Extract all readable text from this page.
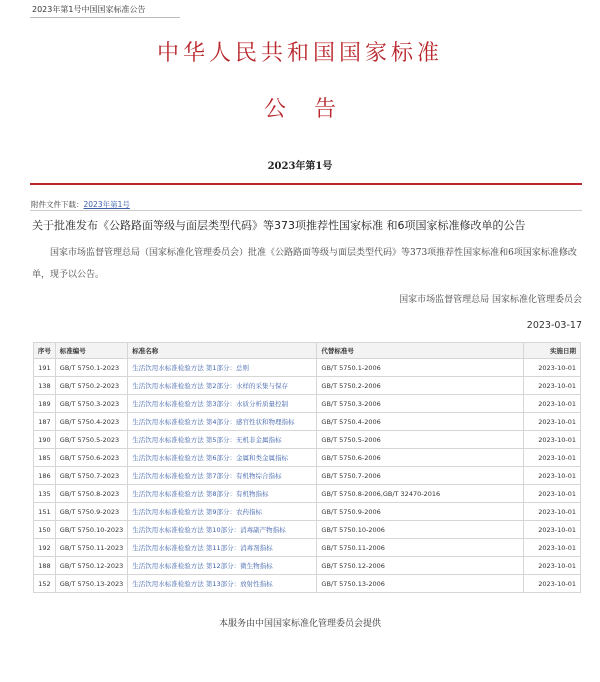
2023年第1号中国国家标准公告
中华人民共和国国家标准
公告
2023年第1号
附件文件下载：2023年第1号
关于批准发布《公路路面等级与面层类型代码》等373项推荐性国家标准 和6项国家标准修改单的公告
国家市场监督管理总局（国家标准化管理委员会）批准《公路路面等级与面层类型代码》等373项推荐性国家标准和6项国家标准修改单，现予以公告。
国家市场监督管理总局 国家标准化管理委员会
2023-03-17
序号	标准编号	标准名称	代替标准号	实施日期
191	GB/T 5750.1-2023	生活饮用水标准检验方法 第1部分：总则	GB/T 5750.1-2006	2023-10-01
138	GB/T 5750.2-2023	生活饮用水标准检验方法 第2部分：水样的采集与保存	GB/T 5750.2-2006	2023-10-01
189	GB/T 5750.3-2023	生活饮用水标准检验方法 第3部分：水质分析质量控制	GB/T 5750.3-2006	2023-10-01
187	GB/T 5750.4-2023	生活饮用水标准检验方法 第4部分：感官性状和物理指标	GB/T 5750.4-2006	2023-10-01
190	GB/T 5750.5-2023	生活饮用水标准检验方法 第5部分：无机非金属指标	GB/T 5750.5-2006	2023-10-01
185	GB/T 5750.6-2023	生活饮用水标准检验方法 第6部分：金属和类金属指标	GB/T 5750.6-2006	2023-10-01
186	GB/T 5750.7-2023	生活饮用水标准检验方法 第7部分：有机物综合指标	GB/T 5750.7-2006	2023-10-01
135	GB/T 5750.8-2023	生活饮用水标准检验方法 第8部分：有机物指标	GB/T 5750.8-2006,GB/T 32470-2016	2023-10-01
151	GB/T 5750.9-2023	生活饮用水标准检验方法 第9部分：农药指标	GB/T 5750.9-2006	2023-10-01
150	GB/T 5750.10-2023	生活饮用水标准检验方法 第10部分：消毒副产物指标	GB/T 5750.10-2006	2023-10-01
192	GB/T 5750.11-2023	生活饮用水标准检验方法 第11部分：消毒剂指标	GB/T 5750.11-2006	2023-10-01
188	GB/T 5750.12-2023	生活饮用水标准检验方法 第12部分：微生物指标	GB/T 5750.12-2006	2023-10-01
152	GB/T 5750.13-2023	生活饮用水标准检验方法 第13部分：放射性指标	GB/T 5750.13-2006	2023-10-01
本服务由中国国家标准化管理委员会提供
